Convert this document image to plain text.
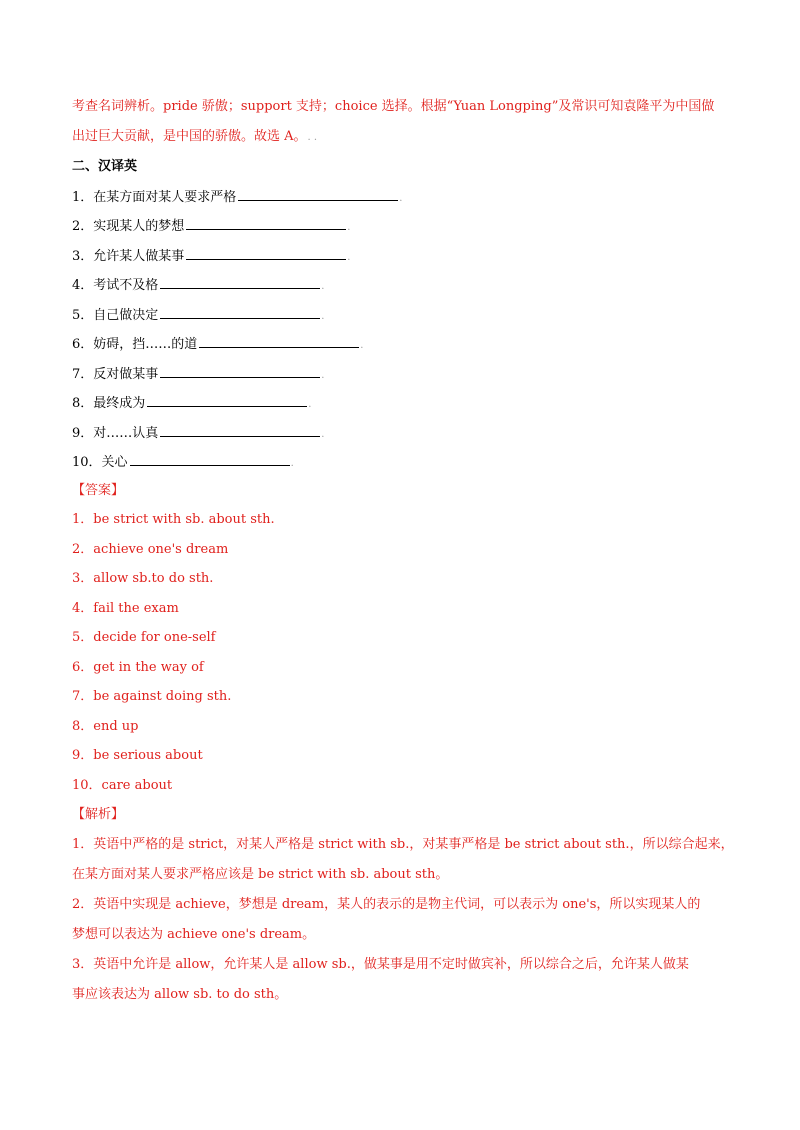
考查名词辨析。pride 骄傲；support 支持；choice 选择。根据“Yuan Longping”及常识可知袁隆平为中国做
出过巨大贡献，是中国的骄傲。故选 A。. .
二、汉译英
1．在某方面对某人要求严格	.
2．实现某人的梦想	.
3．允许某人做某事	.
4．考试不及格	.
5．自己做决定	.
6．妨碍，挡……的道	.
7．反对做某事	.
8．最终成为	.
9．对……认真	.
10．关心	.
【答案】
1．be strict with sb. about sth.
2．achieve one's dream
3．allow sb.to do sth.
4．fail the exam
5．decide for one-self
6．get in the way of
7．be against doing sth.
8．end up
9．be serious about
10．care about
【解析】
1．英语中严格的是 strict，对某人严格是 strict with sb.，对某事严格是 be strict about sth.，所以综合起来，
在某方面对某人要求严格应该是 be strict with sb. about sth。
2．英语中实现是 achieve，梦想是 dream，某人的表示的是物主代词，可以表示为 one's，所以实现某人的
梦想可以表达为 achieve one's dream。
3．英语中允许是 allow，允许某人是 allow sb.，做某事是用不定时做宾补，所以综合之后，允许某人做某
事应该表达为 allow sb. to do sth。
